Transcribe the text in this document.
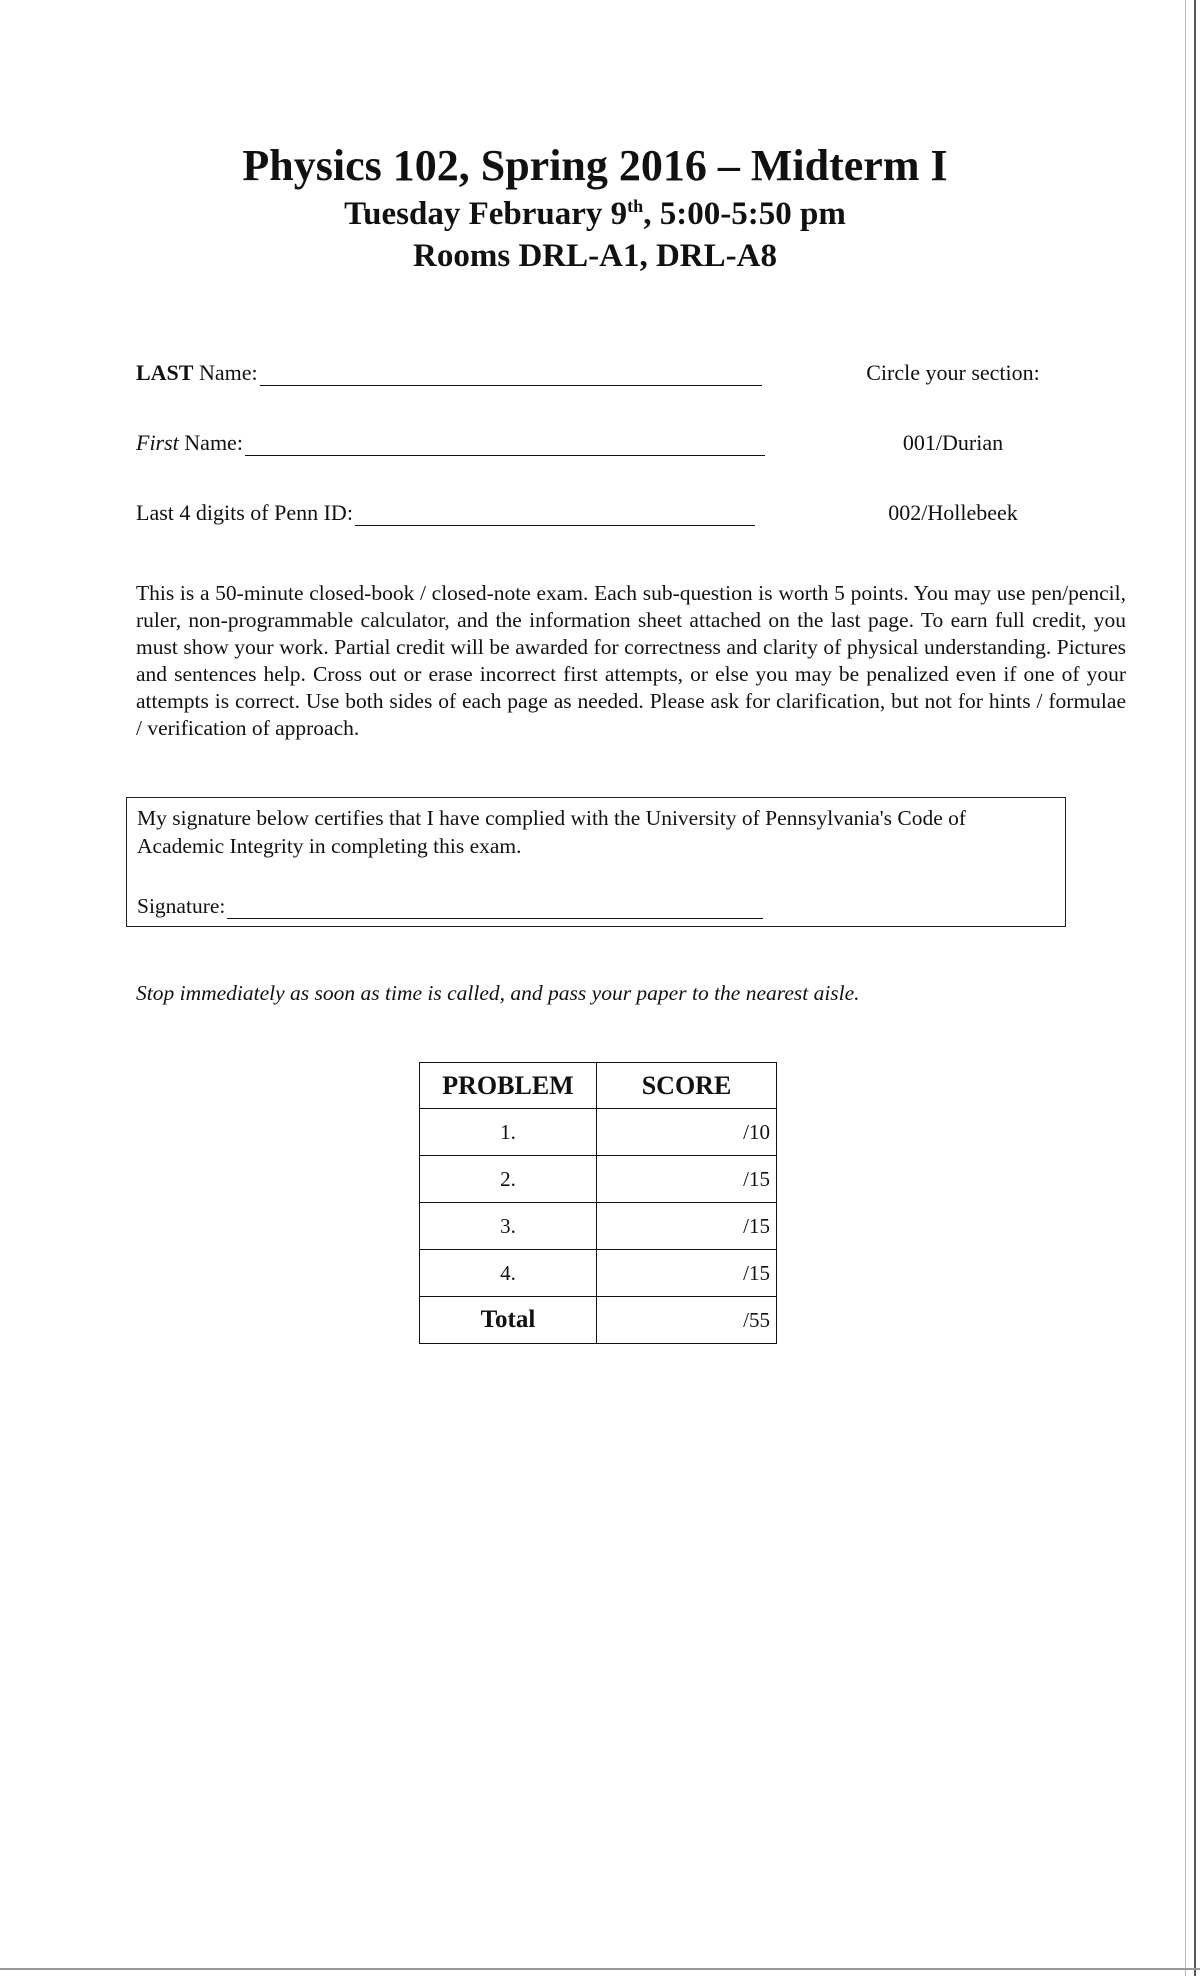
Physics 102, Spring 2016 – Midterm I
Tuesday February 9th, 5:00-5:50 pm
Rooms DRL-A1, DRL-A8
LAST Name:
First Name:
Last 4 digits of Penn ID:
Circle your section:
001/Durian
002/Hollebeek
This is a 50-minute closed-book / closed-note exam. Each sub-question is worth 5 points. You may use pen/pencil, ruler, non-programmable calculator, and the information sheet attached on the last page. To earn full credit, you must show your work. Partial credit will be awarded for correctness and clarity of physical understanding. Pictures and sentences help. Cross out or erase incorrect first attempts, or else you may be penalized even if one of your attempts is correct. Use both sides of each page as needed. Please ask for clarification, but not for hints / formulae / verification of approach.
My signature below certifies that I have complied with the University of Pennsylvania's Code of Academic Integrity in completing this exam.
Signature:
Stop immediately as soon as time is called, and pass your paper to the nearest aisle.
PROBLEM	SCORE
1.	/10
2.	/15
3.	/15
4.	/15
Total	/55
